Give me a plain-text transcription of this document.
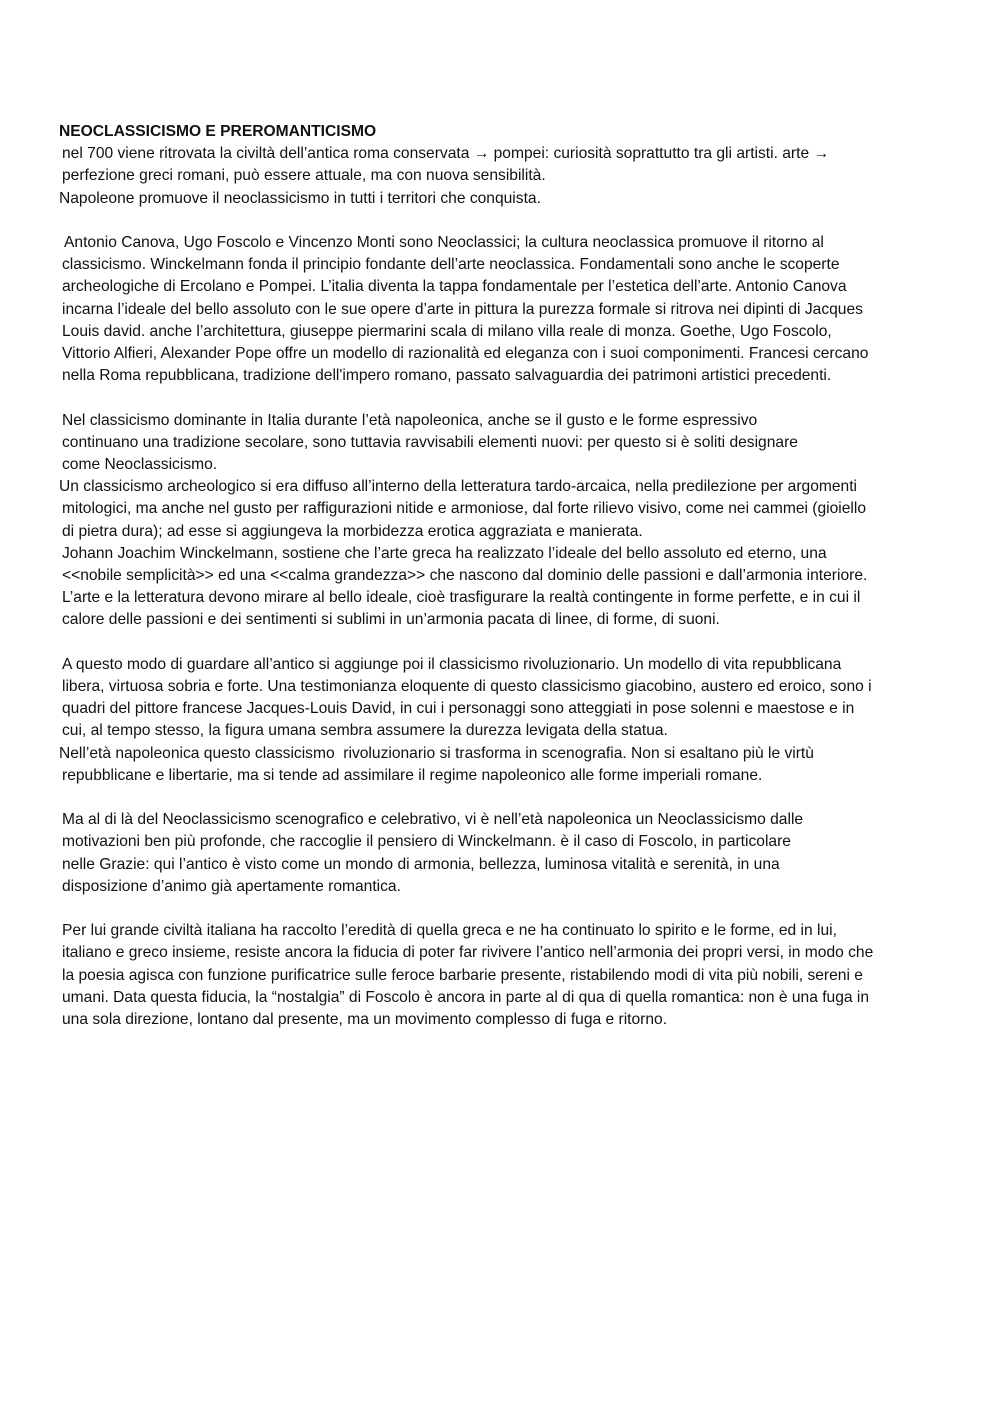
NEOCLASSICISMO E PREROMANTICISMO
nel 700 viene ritrovata la civiltà dell’antica roma conservata → pompei: curiosità soprattutto tra gli artisti. arte →
perfezione greci romani, può essere attuale, ma con nuova sensibilità.
Napoleone promuove il neoclassicismo in tutti i territori che conquista.
Antonio Canova, Ugo Foscolo e Vincenzo Monti sono Neoclassici; la cultura neoclassica promuove il ritorno al
classicismo. Winckelmann fonda il principio fondante dell’arte neoclassica. Fondamentali sono anche le scoperte
archeologiche di Ercolano e Pompei. L’italia diventa la tappa fondamentale per l’estetica dell’arte. Antonio Canova
incarna l’ideale del bello assoluto con le sue opere d’arte in pittura la purezza formale si ritrova nei dipinti di Jacques
Louis david. anche l’architettura, giuseppe piermarini scala di milano villa reale di monza. Goethe, Ugo Foscolo,
Vittorio Alfieri, Alexander Pope offre un modello di razionalità ed eleganza con i suoi componimenti. Francesi cercano
nella Roma repubblicana, tradizione dell'impero romano, passato salvaguardia dei patrimoni artistici precedenti.
Nel classicismo dominante in Italia durante l’età napoleonica, anche se il gusto e le forme espressivo
continuano una tradizione secolare, sono tuttavia ravvisabili elementi nuovi: per questo si è soliti designare
come Neoclassicismo.
Un classicismo archeologico si era diffuso all’interno della letteratura tardo-arcaica, nella predilezione per argomenti
mitologici, ma anche nel gusto per raffigurazioni nitide e armoniose, dal forte rilievo visivo, come nei cammei (gioiello
di pietra dura); ad esse si aggiungeva la morbidezza erotica aggraziata e manierata.
Johann Joachim Winckelmann, sostiene che l’arte greca ha realizzato l’ideale del bello assoluto ed eterno, una
<<nobile semplicità>> ed una <<calma grandezza>> che nascono dal dominio delle passioni e dall’armonia interiore.
L’arte e la letteratura devono mirare al bello ideale, cioè trasfigurare la realtà contingente in forme perfette, e in cui il
calore delle passioni e dei sentimenti si sublimi in un’armonia pacata di linee, di forme, di suoni.
A questo modo di guardare all’antico si aggiunge poi il classicismo rivoluzionario. Un modello di vita repubblicana
libera, virtuosa sobria e forte. Una testimonianza eloquente di questo classicismo giacobino, austero ed eroico, sono i
quadri del pittore francese Jacques-Louis David, in cui i personaggi sono atteggiati in pose solenni e maestose e in
cui, al tempo stesso, la figura umana sembra assumere la durezza levigata della statua.
Nell’età napoleonica questo classicismo  rivoluzionario si trasforma in scenografia. Non si esaltano più le virtù
repubblicane e libertarie, ma si tende ad assimilare il regime napoleonico alle forme imperiali romane.
Ma al di là del Neoclassicismo scenografico e celebrativo, vi è nell’età napoleonica un Neoclassicismo dalle
motivazioni ben più profonde, che raccoglie il pensiero di Winckelmann. è il caso di Foscolo, in particolare
nelle Grazie: qui l’antico è visto come un mondo di armonia, bellezza, luminosa vitalità e serenità, in una
disposizione d’animo già apertamente romantica.
Per lui grande civiltà italiana ha raccolto l’eredità di quella greca e ne ha continuato lo spirito e le forme, ed in lui,
italiano e greco insieme, resiste ancora la fiducia di poter far rivivere l’antico nell’armonia dei propri versi, in modo che
la poesia agisca con funzione purificatrice sulle feroce barbarie presente, ristabilendo modi di vita più nobili, sereni e
umani. Data questa fiducia, la “nostalgia” di Foscolo è ancora in parte al di qua di quella romantica: non è una fuga in
una sola direzione, lontano dal presente, ma un movimento complesso di fuga e ritorno.
